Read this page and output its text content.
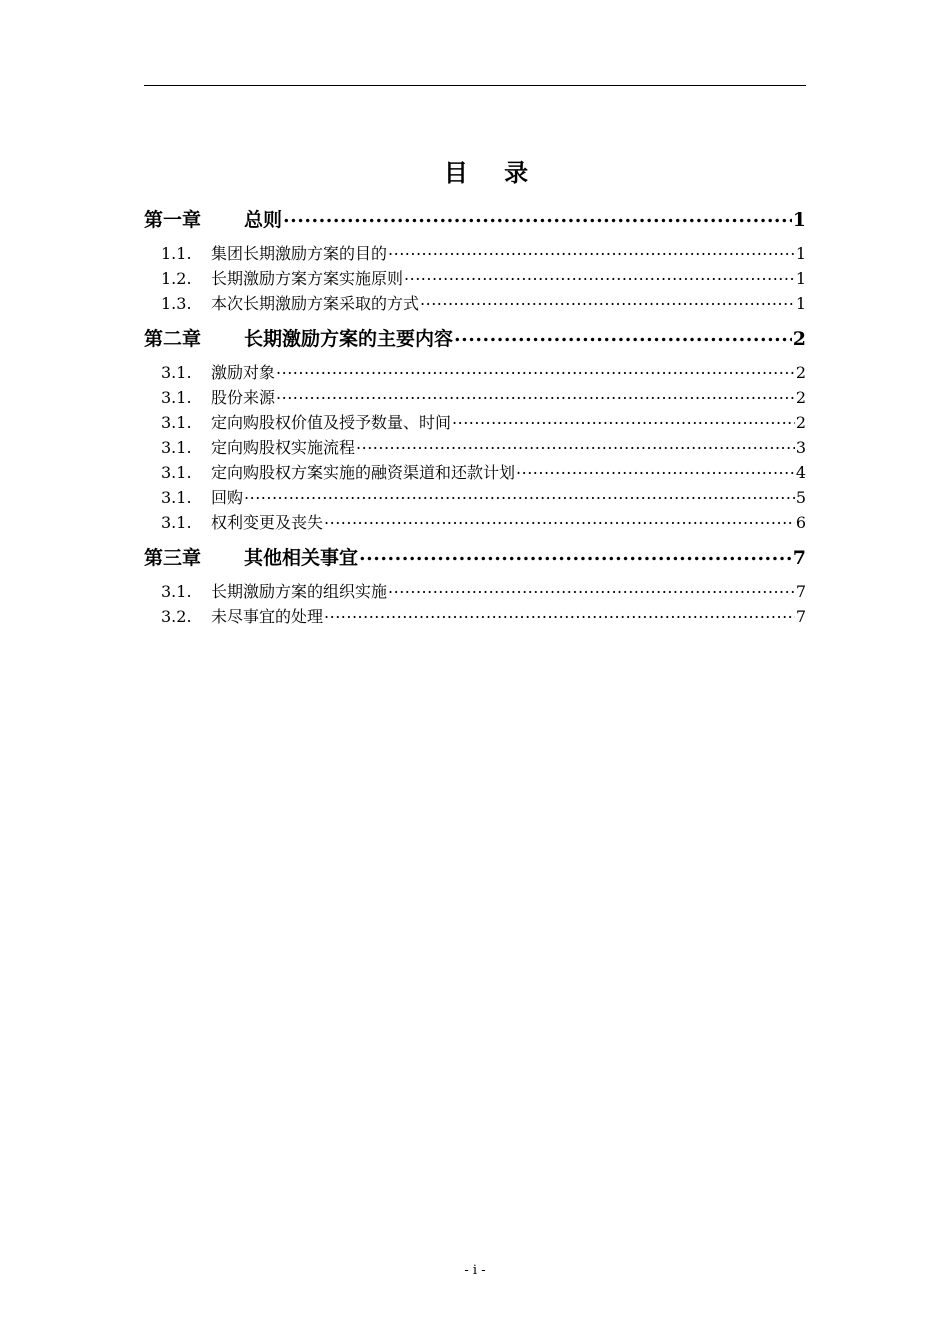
目 录
第一章	总则 .....	1
1.1.	集团长期激励方案的目的 .....	1
1.2.	长期激励方案方案实施原则 .....	1
1.3.	本次长期激励方案采取的方式 .....	1
第二章	长期激励方案的主要内容 .....	2
3.1.	激励对象 .....	2
3.1.	股份来源 .....	2
3.1.	定向购股权价值及授予数量、时间 .....	2
3.1.	定向购股权实施流程 .....	3
3.1.	定向购股权方案实施的融资渠道和还款计划 .....	4
3.1.	回购 .....	5
3.1.	权利变更及丧失 .....	6
第三章	其他相关事宜 .....	7
3.1.	长期激励方案的组织实施 .....	7
3.2.	未尽事宜的处理 .....	7
- i -
